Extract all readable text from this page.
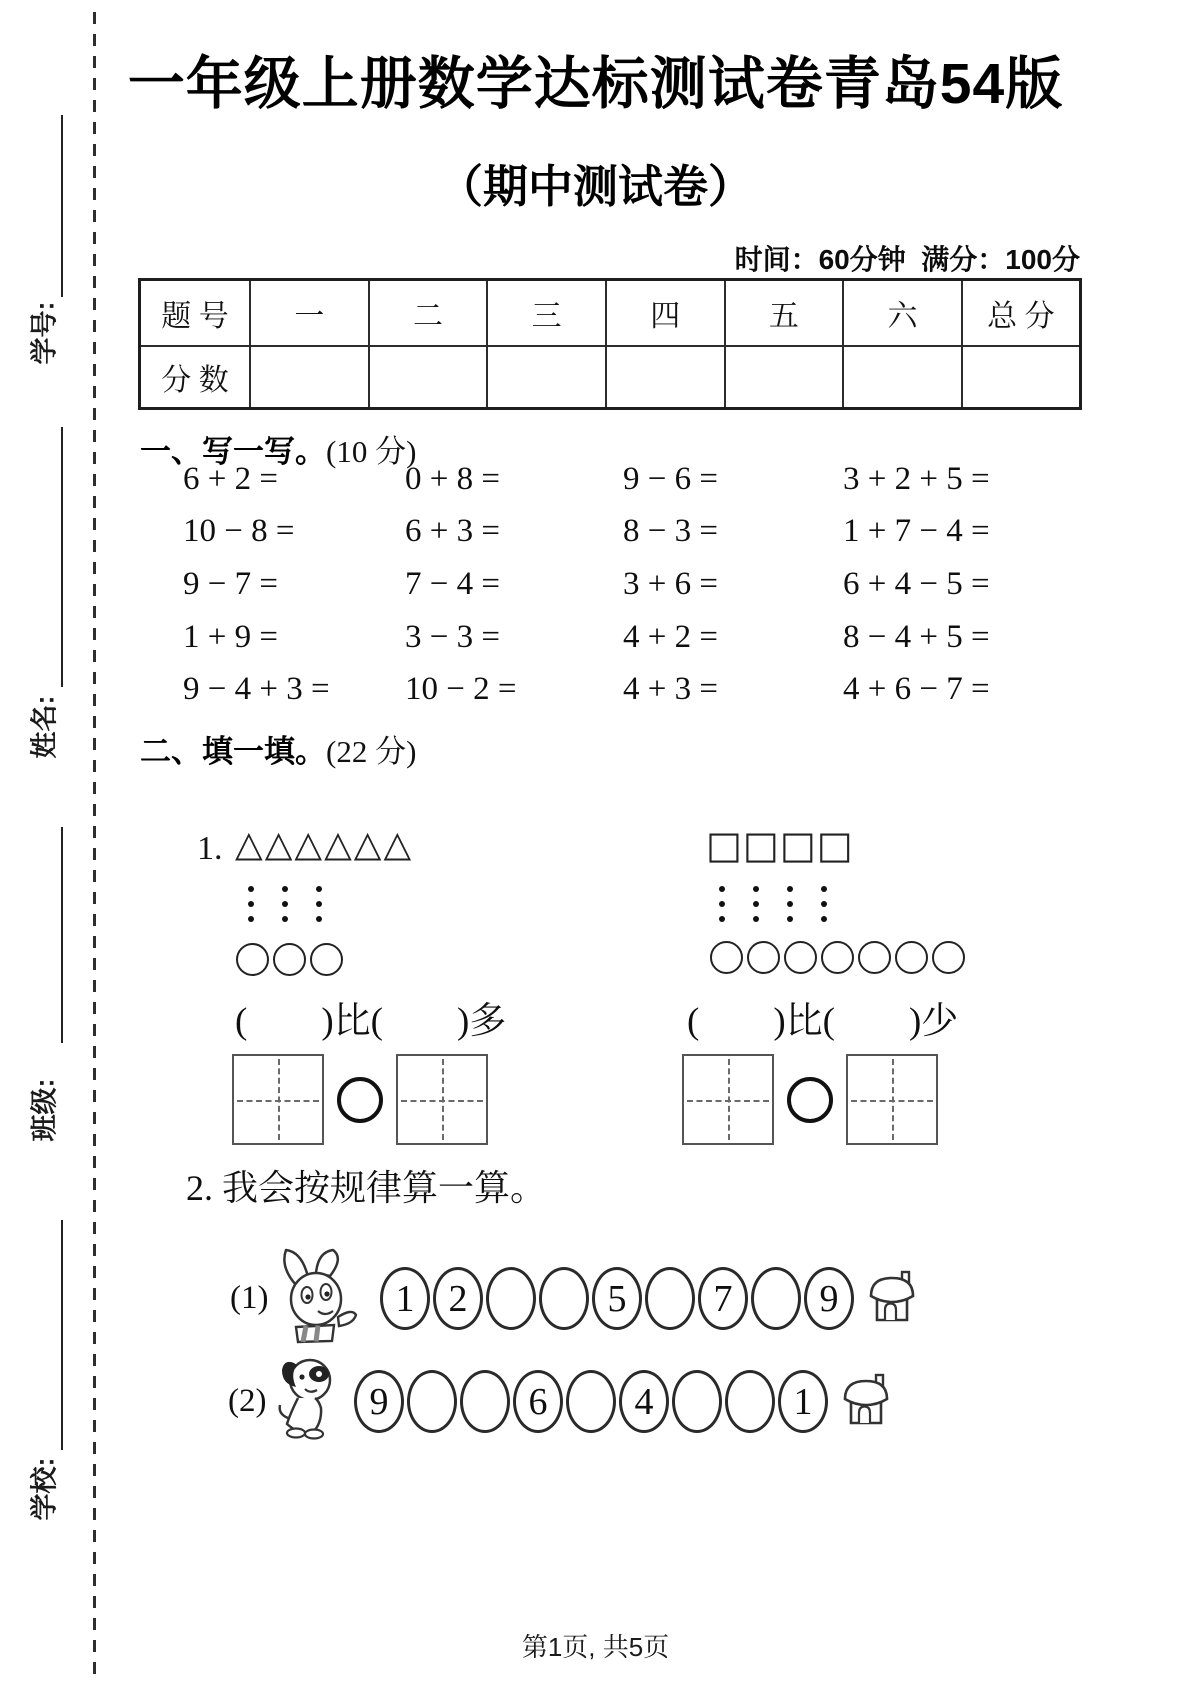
学号:
姓名:
班级:
学校:
一年级上册数学达标测试卷青岛54版
（期中测试卷）
时间：60分钟  满分：100分
题 号	一	二	三	四	五	六	总 分
分 数							
一、写一写。(10 分)
6 + 2 =	0 + 8 =	9 − 6 =	3 + 2 + 5 =
10 − 8 =	6 + 3 =	8 − 3 =	1 + 7 − 4 =
9 − 7 =	7 − 4 =	3 + 6 =	6 + 4 − 5 =
1 + 9 =	3 − 3 =	4 + 2 =	8 − 4 + 5 =
9 − 4 + 3 =	10 − 2 =	4 + 3 =	4 + 6 − 7 =
二、填一填。(22 分)
1. △△△△△△	□□□□
(        )比(        )多	(        )比(        )少
2. 我会按规律算一算。
(1)	1 2	5	7	9
(2)	9	6	4	1
第1页, 共5页
